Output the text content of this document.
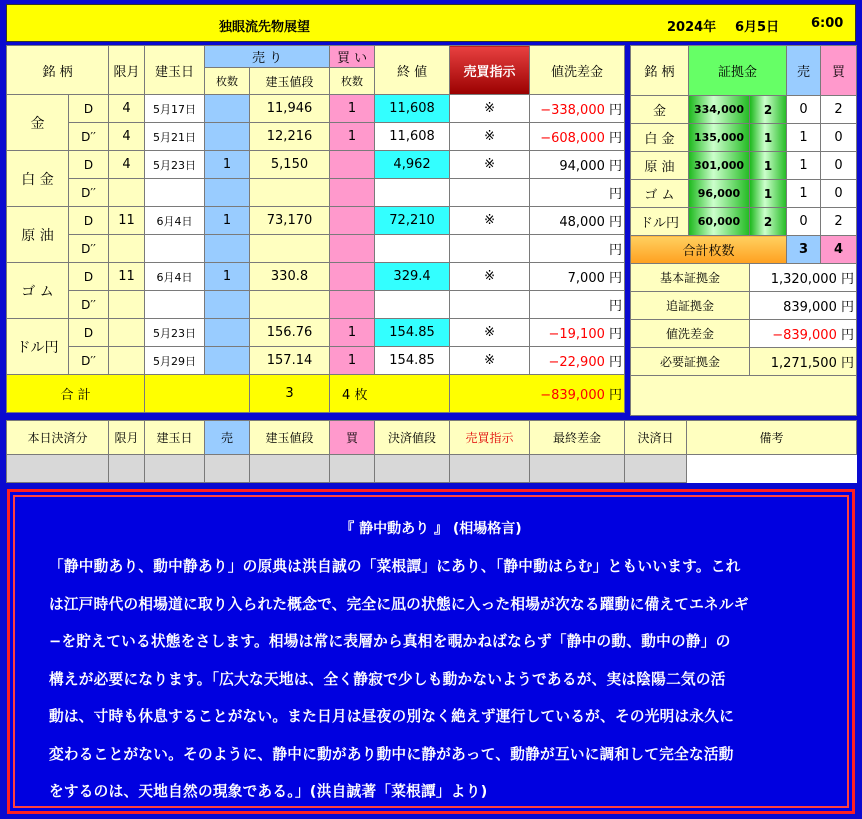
独眼流先物展望	2024年 6月5日 6:00
銘 柄		限月	建玉日	売 り		買 い	終 値	売買指示	値洗差金
				枚数	建玉値段	枚数			
金	D	4	5月17日		11,946	1	11,608	※	−338,000 円
	D′′	4	5月21日		12,216	1	11,608	※	−608,000 円
白 金	D	4	5月23日	1	5,150		4,962	※	94,000 円
	D′′								円
原 油	D	11	6月4日	1	73,170		72,210	※	48,000 円
	D′′								円
ゴ ム	D	11	6月4日	1	330.8		329.4	※	7,000 円
	D′′								円
ドル円	D		5月23日		156.76	1	154.85	※	−19,100 円
	D′′		5月29日		157.14	1	154.85	※	−22,900 円
合 計					3	4 枚		−839,000 円	
銘 柄	証拠金		売	買
金	334,000	2	0	2
白 金	135,000	1	1	0
原 油	301,000	1	1	0
ゴ ム	96,000	1	1	0
ドル円	60,000	2	0	2
合計枚数			3	4
基本証拠金		1,320,000 円		
追証拠金		839,000 円		
値洗差金		−839,000 円		
必要証拠金		1,271,500 円		

本日決済分	限月	建玉日	売	建玉値段	買	決済値段	売買指示	最終差金	決済日	備考

『 静中動あり 』 (相場格言)
「静中動あり、動中静あり」の原典は洪自誠の「菜根譚」にあり、「静中動はらむ」ともいいます。これ
は江戸時代の相場道に取り入られた概念で、完全に凪の状態に入った相場が次なる躍動に備えてエネルギ
−を貯えている状態をさします。相場は常に表層から真相を覗かねばならず「静中の動、動中の静」の
構えが必要になります。「広大な天地は、全く静寂で少しも動かないようであるが、実は陰陽二気の活
動は、寸時も休息することがない。また日月は昼夜の別なく絶えず運行しているが、その光明は永久に
変わることがない。そのように、静中に動があり動中に静があって、動静が互いに調和して完全な活動
をするのは、天地自然の現象である。」(洪自誠著「菜根譚」より)
